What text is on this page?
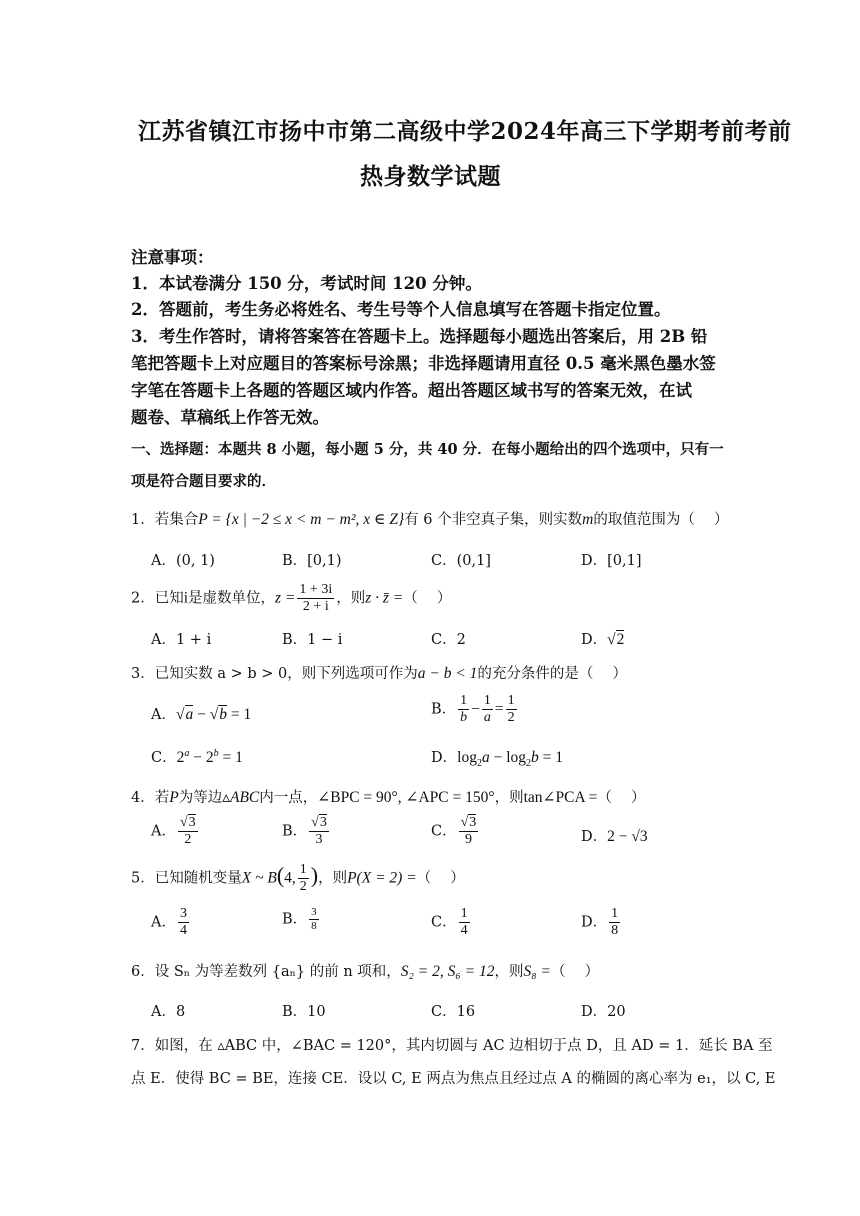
江苏省镇江市扬中市第二高级中学2024年高三下学期考前考前
热身数学试题
注意事项：
1．本试卷满分 150 分，考试时间 120 分钟。
2．答题前，考生务必将姓名、考生号等个人信息填写在答题卡指定位置。
3．考生作答时，请将答案答在答题卡上。选择题每小题选出答案后，用 2B 铅
笔把答题卡上对应题目的答案标号涂黑；非选择题请用直径 0.5 毫米黑色墨水签
字笔在答题卡上各题的答题区域内作答。超出答题区域书写的答案无效，在试
题卷、草稿纸上作答无效。
一、选择题：本题共 8 小题，每小题 5 分，共 40 分．在每小题给出的四个选项中，只有一
项是符合题目要求的．
1．若集合P = {x | −2 ≤ x < m − m², x ∈ Z}有 6 个非空真子集，则实数m的取值范围为（　 ）
A．(0, 1)	B．[0,1)	C．(0,1]	D．[0,1]
2．已知i是虚数单位，$z = \frac{1 + 3i}{2 + i}$ ，则z · z̄ =（　 ）
A．1 + i	B．1 − i	C．2	D．√2
3．已知实数 a > b > 0，则下列选项可作为a − b < 1的充分条件的是（　 ）
A．√a − √b = 1	B． $\frac{1}{b} - \frac{1}{a} = \frac{1}{2}$
C．$2^a - 2^b = 1$	D．$\log_2a - \log_2b = 1$
4．若P为等边▵ABC内一点，∠BPC = 90°, ∠APC = 150°，则tan∠PCA =（　 ）
A． $\frac{√3}{2}$	B． $\frac{√3}{3}$	C． $\frac{√3}{9}$	D．2 − √3
5．已知随机变量X ~ B(4, $\frac{1}{2}$ )，则P(X = 2) =（　 ）
A． $\frac{3}{4}$	B． $\frac{3}{8}$	C． $\frac{1}{4}$	D． $\frac{1}{8}$
6．设 Sₙ 为等差数列 {aₙ} 的前 n 项和，S₂ = 2, S₆ = 12，则S₈ =（　 ）
A．8	B．10	C．16	D．20
7．如图，在 ▵ABC 中，∠BAC = 120°，其内切圆与 AC 边相切于点 D，且 AD = 1．延长 BA 至
点 E．使得 BC = BE，连接 CE．设以 C, E 两点为焦点且经过点 A 的椭圆的离心率为 e₁，以 C, E
